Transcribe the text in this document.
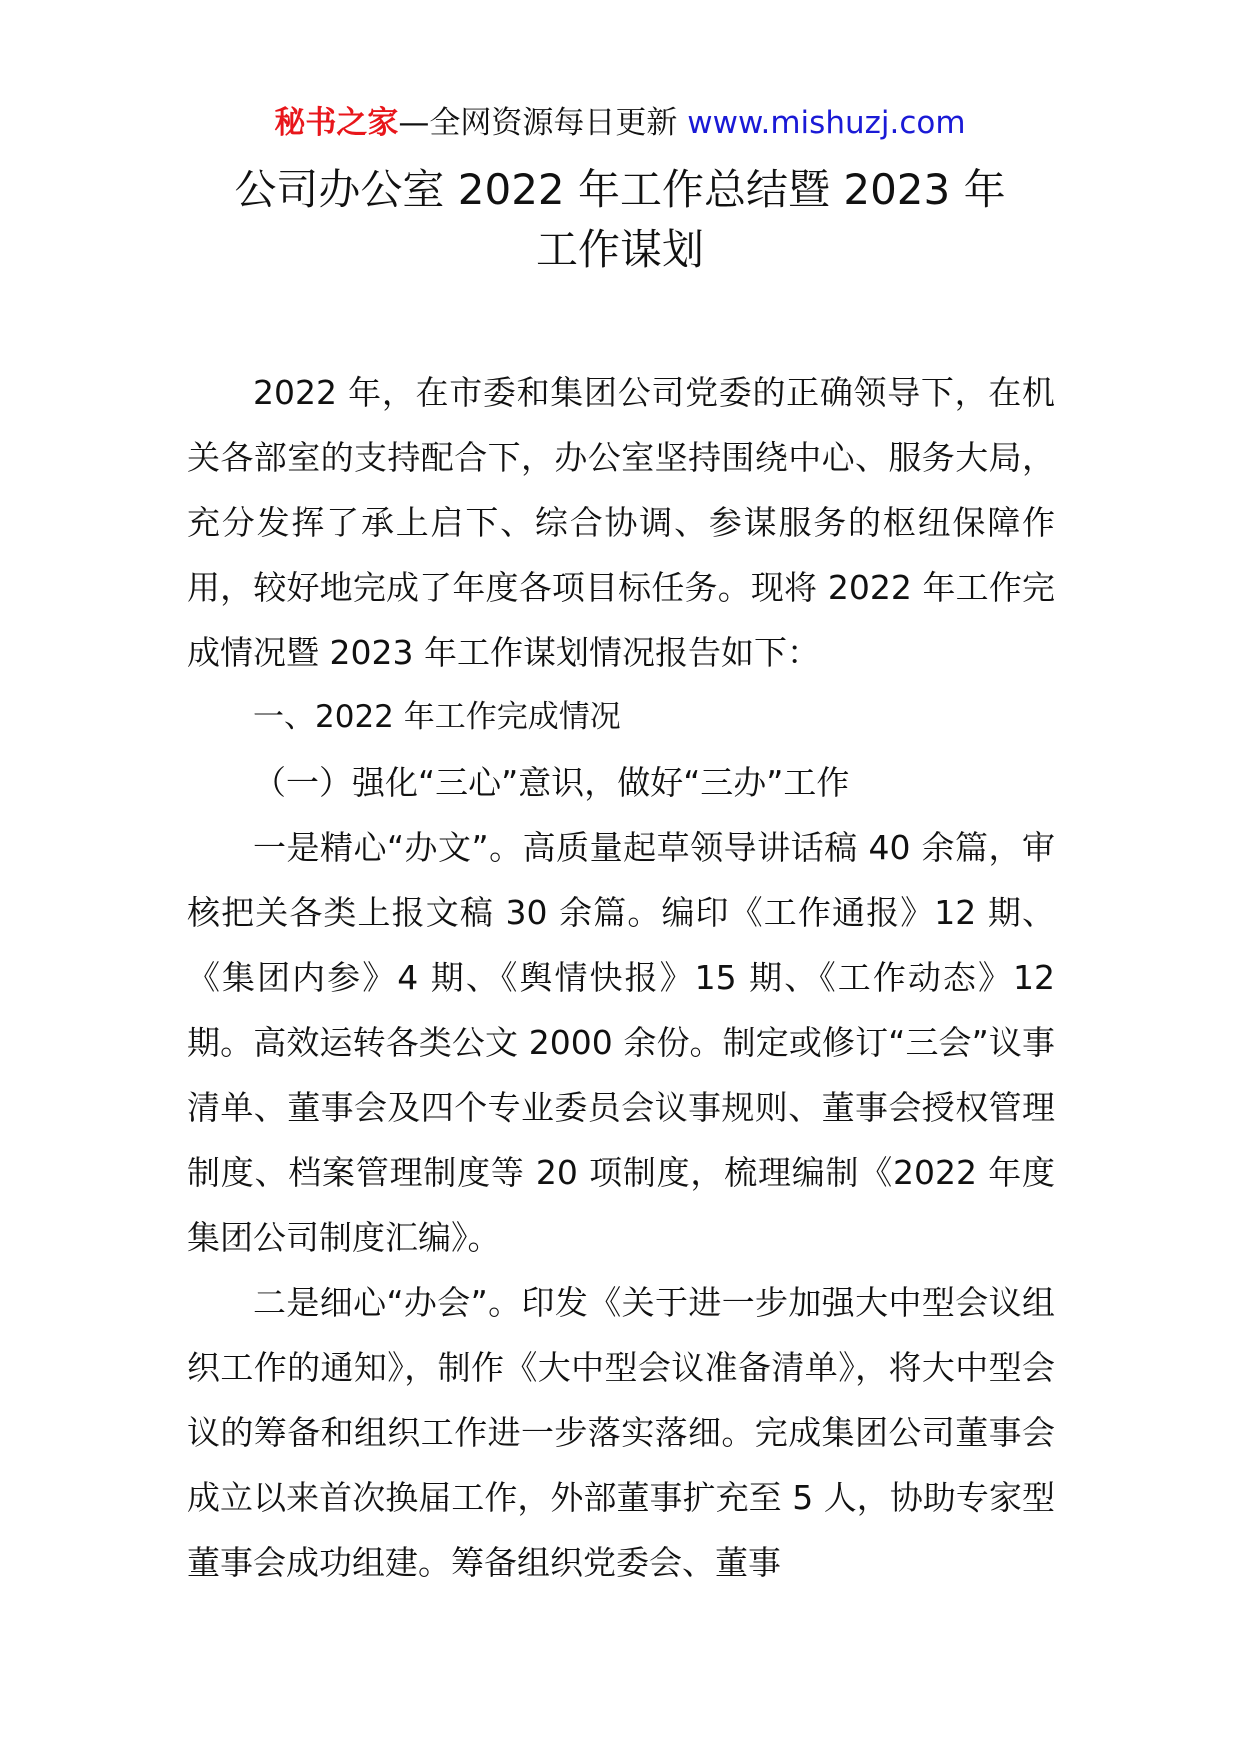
秘书之家—全网资源每日更新 www.mishuzj.com
公司办公室 2022 年工作总结暨 2023 年
工作谋划

2022 年，在市委和集团公司党委的正确领导下，在机关各部室的支持配合下，办公室坚持围绕中心、服务大局，充分发挥了承上启下、综合协调、参谋服务的枢纽保障作用，较好地完成了年度各项目标任务。现将 2022 年工作完成情况暨 2023 年工作谋划情况报告如下：

一、2022 年工作完成情况

（一）强化“三心”意识，做好“三办”工作

一是精心“办文”。高质量起草领导讲话稿 40 余篇，审核把关各类上报文稿 30 余篇。编印《工作通报》12 期、《集团内参》4 期、《舆情快报》15 期、《工作动态》12 期。高效运转各类公文 2000 余份。制定或修订“三会”议事清单、董事会及四个专业委员会议事规则、董事会授权管理制度、档案管理制度等 20 项制度，梳理编制《2022 年度集团公司制度汇编》。

二是细心“办会”。印发《关于进一步加强大中型会议组织工作的通知》，制作《大中型会议准备清单》，将大中型会议的筹备和组织工作进一步落实落细。完成集团公司董事会成立以来首次换届工作，外部董事扩充至 5 人，协助专家型董事会成功组建。筹备组织党委会、董事
